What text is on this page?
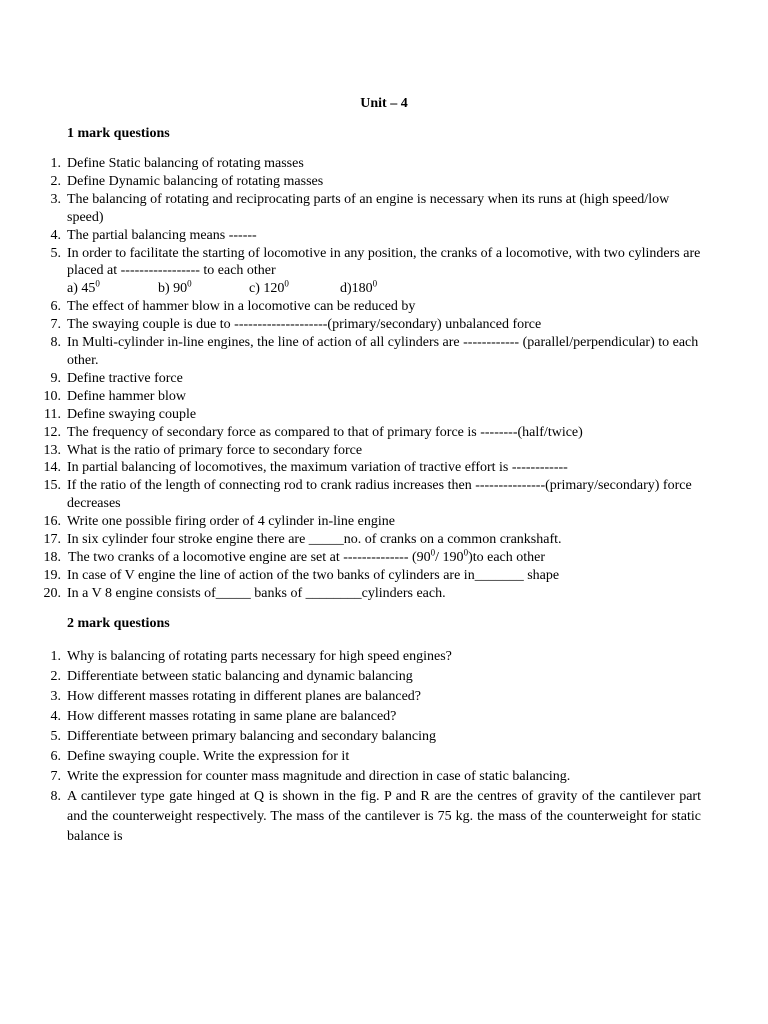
Unit – 4
1 mark questions
1. Define Static balancing of rotating masses
2. Define Dynamic balancing of rotating masses
3. The balancing of rotating and reciprocating parts of an engine is necessary when its runs at (high speed/low speed)
4. The partial balancing means ------
5. In order to facilitate the starting of locomotive in any position, the cranks of a locomotive, with two cylinders are placed at ----------------- to each other
a) $45^0$	b) $90^0$	c) $120^0$	$d)180^0$
6. The effect of hammer blow in a locomotive can be reduced by
7. The swaying couple is due to --------------------(primary/secondary) unbalanced force
8. In Multi-cylinder in-line engines, the line of action of all cylinders are ------------ (parallel/perpendicular) to each other.
9. Define tractive force
10. Define hammer blow
11. Define swaying couple
12. The frequency of secondary force as compared to that of primary force is --------(half/twice)
13. What is the ratio of primary force to secondary force
14. In partial balancing of locomotives, the maximum variation of tractive effort is ------------
15. If the ratio of the length of connecting rod to crank radius increases then ---------------(primary/secondary) force decreases
16. Write one possible firing order of 4 cylinder in-line engine
17. In six cylinder four stroke engine there are _____no. of cranks on a common crankshaft.
18. The two cranks of a locomotive engine are set at -------------- ($90^0/$ $190^0)to$ each other
19. In case of V engine the line of action of the two banks of cylinders are in_______ shape
20. In a V 8 engine consists of_____ banks of ________cylinders each.
2 mark questions
1. Why is balancing of rotating parts necessary for high speed engines?
2. Differentiate between static balancing and dynamic balancing
3. How different masses rotating in different planes are balanced?
4. How different masses rotating in same plane are balanced?
5. Differentiate between primary balancing and secondary balancing
6. Define swaying couple. Write the expression for it
7. Write the expression for counter mass magnitude and direction in case of static balancing.
8. A cantilever type gate hinged at Q is shown in the fig. P and R are the centres of gravity of the cantilever part and the counterweight respectively. The mass of the cantilever is 75 kg. the mass of the counterweight for static balance is
